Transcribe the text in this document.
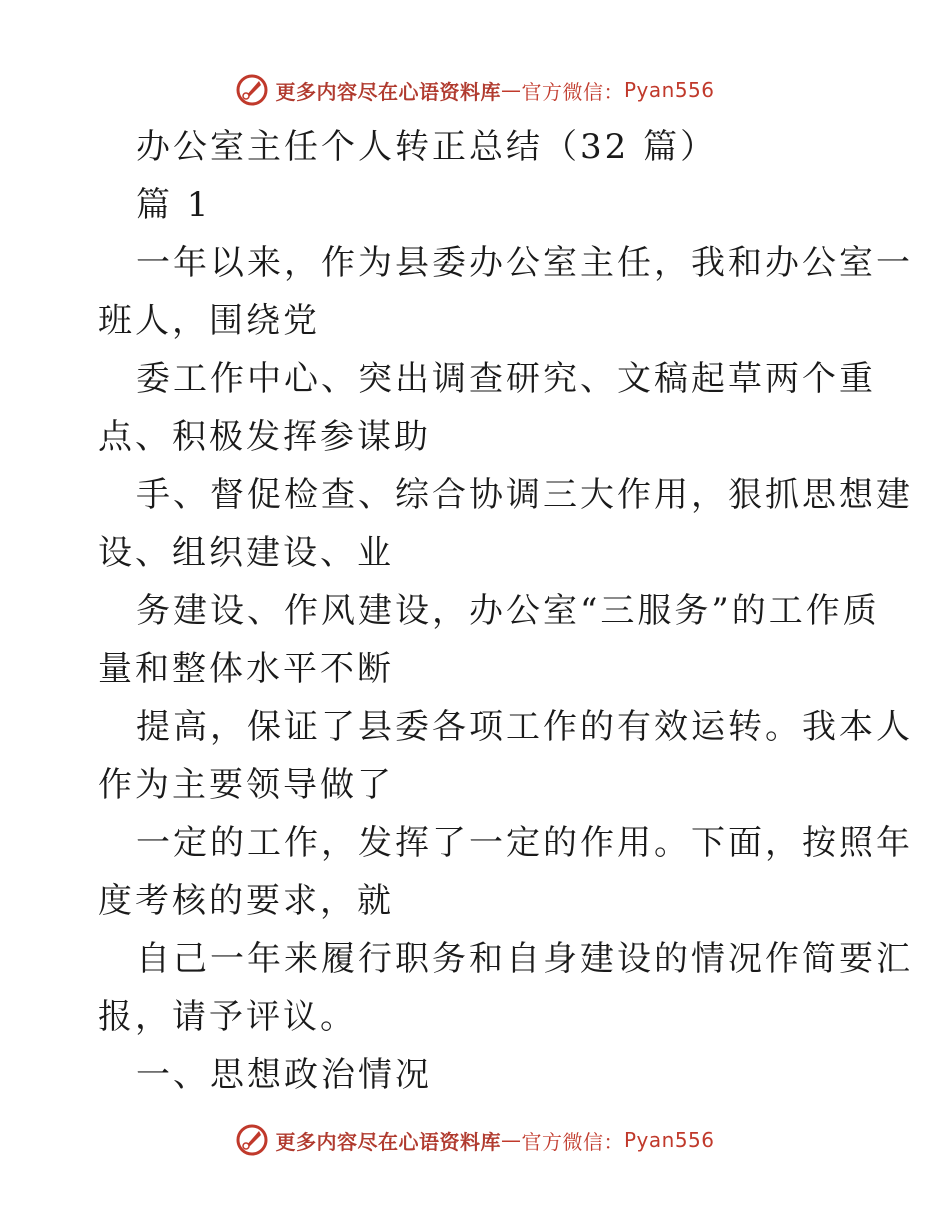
更多内容尽在心语资料库 — 官方微信： Pyan556
办公室主任个人转正总结（32 篇）
篇 1
一年以来，作为县委办公室主任，我和办公室一
班人，围绕党
委工作中心、突出调查研究、文稿起草两个重
点、积极发挥参谋助
手、督促检查、综合协调三大作用，狠抓思想建
设、组织建设、业
务建设、作风建设，办公室“三服务”的工作质
量和整体水平不断
提高，保证了县委各项工作的有效运转。我本人
作为主要领导做了
一定的工作，发挥了一定的作用。下面，按照年
度考核的要求，就
自己一年来履行职务和自身建设的情况作简要汇
报，请予评议。
一、思想政治情况
更多内容尽在心语资料库 — 官方微信： Pyan556
